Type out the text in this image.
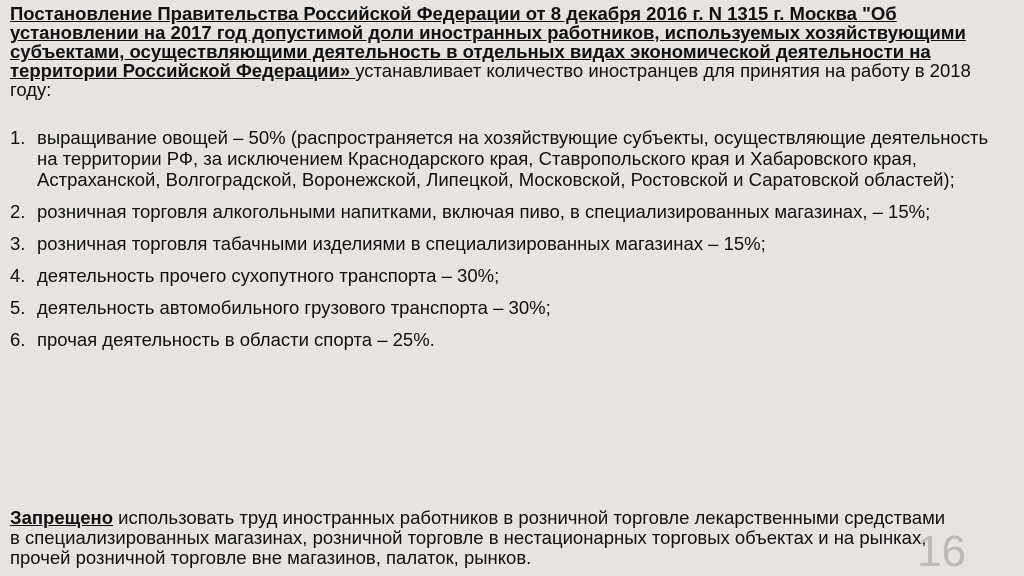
Постановление Правительства Российской Федерации от 8 декабря 2016 г. N 1315 г. Москва "Об установлении на 2017 год допустимой доли иностранных работников, используемых хозяйствующими субъектами, осуществляющими деятельность в отдельных видах экономической деятельности на территории Российской Федерации» устанавливает количество иностранцев для принятия на работу в 2018 году:

1. выращивание овощей – 50% (распространяется на хозяйствующие субъекты, осуществляющие деятельность на территории РФ, за исключением Краснодарского края, Ставропольского края и Хабаровского края, Астраханской, Волгоградской, Воронежской, Липецкой, Московской, Ростовской и Саратовской областей);
2. розничная торговля алкогольными напитками, включая пиво, в специализированных магазинах, – 15%;
3. розничная торговля табачными изделиями в специализированных магазинах – 15%;
4. деятельность прочего сухопутного транспорта – 30%;
5. деятельность автомобильного грузового транспорта – 30%;
6. прочая деятельность в области спорта – 25%.

Запрещено использовать труд иностранных работников в розничной торговле лекарственными средствами в специализированных магазинах, розничной торговле в нестационарных торговых объектах и на рынках, прочей розничной торговле вне магазинов, палаток, рынков.	16
